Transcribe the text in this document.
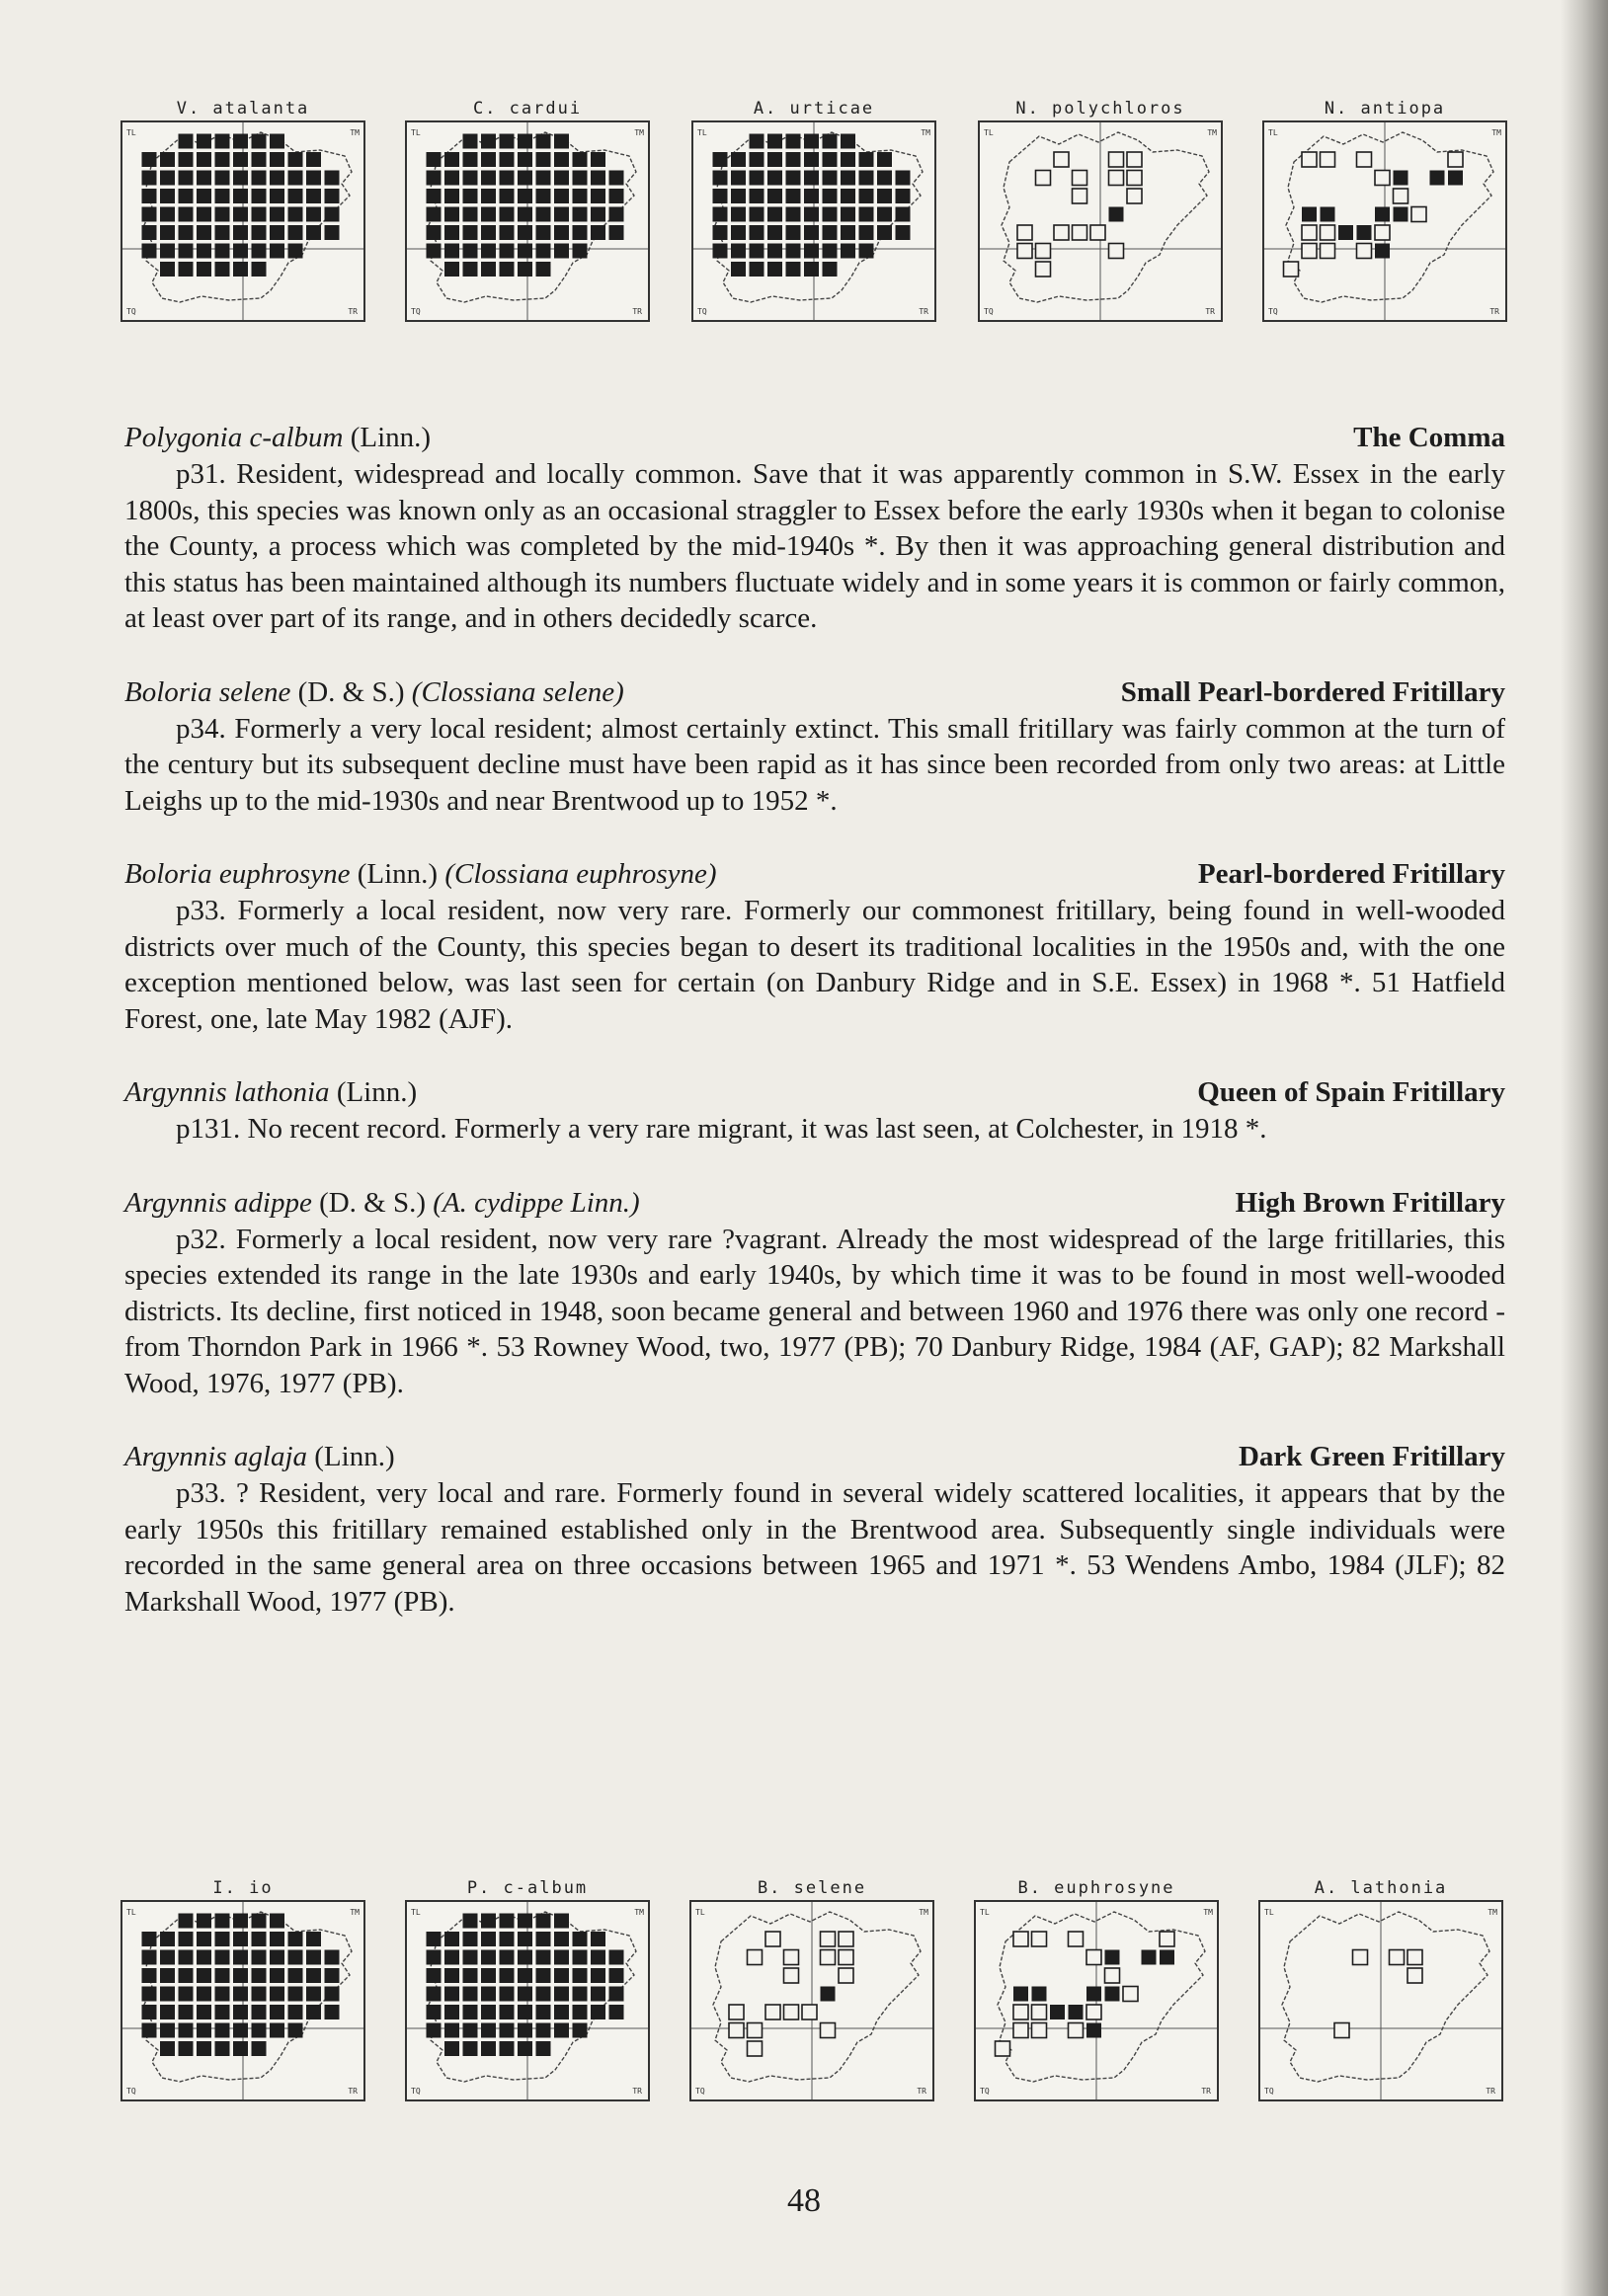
V. atalanta
TL	TM
TQ	TR
C. cardui
TL	TM
TQ	TR
A. urticae
TL	TM
TQ	TR
N. polychloros
TL	TM
TQ	TR
N. antiopa
TL	TM
TQ	TR
Polygonia c-album (Linn.)	The Comma
p31. Resident, widespread and locally common. Save that it was apparently common in S.W. Essex in the early 1800s, this species was known only as an occasional straggler to Essex before the early 1930s when it began to colonise the County, a process which was completed by the mid-1940s *. By then it was approaching general distribution and this status has been maintained although its numbers fluctuate widely and in some years it is common or fairly common, at least over part of its range, and in others decidedly scarce.
Boloria selene (D. & S.) (Clossiana selene)	Small Pearl-bordered Fritillary
p34. Formerly a very local resident; almost certainly extinct. This small fritillary was fairly common at the turn of the century but its subsequent decline must have been rapid as it has since been recorded from only two areas: at Little Leighs up to the mid-1930s and near Brentwood up to 1952 *.
Boloria euphrosyne (Linn.) (Clossiana euphrosyne)	Pearl-bordered Fritillary
p33. Formerly a local resident, now very rare. Formerly our commonest fritillary, being found in well-wooded districts over much of the County, this species began to desert its traditional localities in the 1950s and, with the one exception mentioned below, was last seen for certain (on Danbury Ridge and in S.E. Essex) in 1968 *. 51 Hatfield Forest, one, late May 1982 (AJF).
Argynnis lathonia (Linn.)	Queen of Spain Fritillary
p131. No recent record. Formerly a very rare migrant, it was last seen, at Colchester, in 1918 *.
Argynnis adippe (D. & S.) (A. cydippe Linn.)	High Brown Fritillary
p32. Formerly a local resident, now very rare ?vagrant. Already the most widespread of the large fritillaries, this species extended its range in the late 1930s and early 1940s, by which time it was to be found in most well-wooded districts. Its decline, first noticed in 1948, soon became general and between 1960 and 1976 there was only one record - from Thorndon Park in 1966 *. 53 Rowney Wood, two, 1977 (PB); 70 Danbury Ridge, 1984 (AF, GAP); 82 Markshall Wood, 1976, 1977 (PB).
Argynnis aglaja (Linn.)	Dark Green Fritillary
p33. ? Resident, very local and rare. Formerly found in several widely scattered localities, it appears that by the early 1950s this fritillary remained established only in the Brentwood area. Subsequently single individuals were recorded in the same general area on three occasions between 1965 and 1971 *. 53 Wendens Ambo, 1984 (JLF); 82 Markshall Wood, 1977 (PB).
I. io
TL	TM
TQ	TR
P. c-album
TL	TM
TQ	TR
B. selene
TL	TM
TQ	TR
B. euphrosyne
TL	TM
TQ	TR
A. lathonia
TL	TM
TQ	TR
48
